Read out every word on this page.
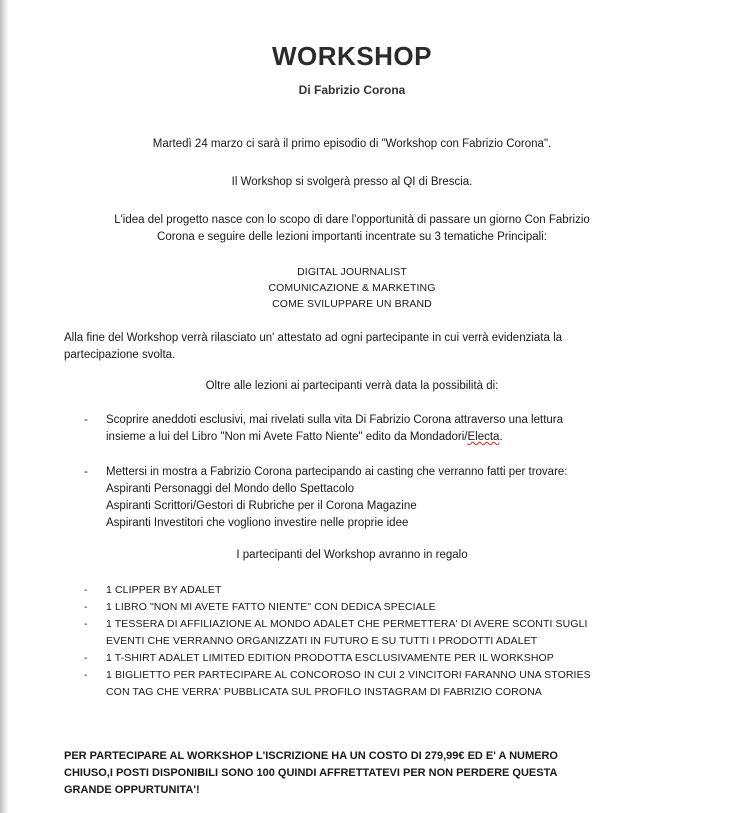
WORKSHOP
Di Fabrizio Corona
Martedì 24 marzo ci sarà il primo episodio di "Workshop con Fabrizio Corona".
Il Workshop si svolgerà presso al QI di Brescia.
L'idea del progetto nasce con lo scopo di dare l'opportunità di passare un giorno Con Fabrizio
Corona e seguire delle lezioni importanti incentrate su 3 tematiche Principali:
DIGITAL JOURNALIST
COMUNICAZIONE & MARKETING
COME SVILUPPARE UN BRAND
Alla fine del Workshop verrà rilasciato un' attestato ad ogni partecipante in cui verrà evidenziata la
partecipazione svolta.
Oltre alle lezioni ai partecipanti verrà data la possibilità di:
-	Scoprire aneddoti esclusivi, mai rivelati sulla vita Di Fabrizio Corona attraverso una lettura
insieme a lui del Libro "Non mi Avete Fatto Niente" edito da Mondadori/Electa.
-	Mettersi in mostra a Fabrizio Corona partecipando ai casting che verranno fatti per trovare:
Aspiranti Personaggi del Mondo dello Spettacolo
Aspiranti Scrittori/Gestori di Rubriche per il Corona Magazine
Aspiranti Investitori che vogliono investire nelle proprie idee
I partecipanti del Workshop avranno in regalo
-	1 CLIPPER BY ADALET
-	1 LIBRO "NON MI AVETE FATTO NIENTE" CON DEDICA SPECIALE
-	1 TESSERA DI AFFILIAZIONE AL MONDO ADALET CHE PERMETTERA' DI AVERE SCONTI SUGLI
EVENTI CHE VERRANNO ORGANIZZATI IN FUTURO E SU TUTTI I PRODOTTI ADALET
-	1 T-SHIRT ADALET LIMITED EDITION PRODOTTA ESCLUSIVAMENTE PER IL WORKSHOP
-	1 BIGLIETTO PER PARTECIPARE AL CONCOROSO IN CUI 2 VINCITORI FARANNO UNA STORIES
CON TAG CHE VERRA' PUBBLICATA SUL PROFILO INSTAGRAM DI FABRIZIO CORONA
PER PARTECIPARE AL WORKSHOP L'ISCRIZIONE HA UN COSTO DI 279,99€ ED E' A NUMERO
CHIUSO,I POSTI DISPONIBILI SONO 100 QUINDI AFFRETTATEVI PER NON PERDERE QUESTA
GRANDE OPPURTUNITA'!
